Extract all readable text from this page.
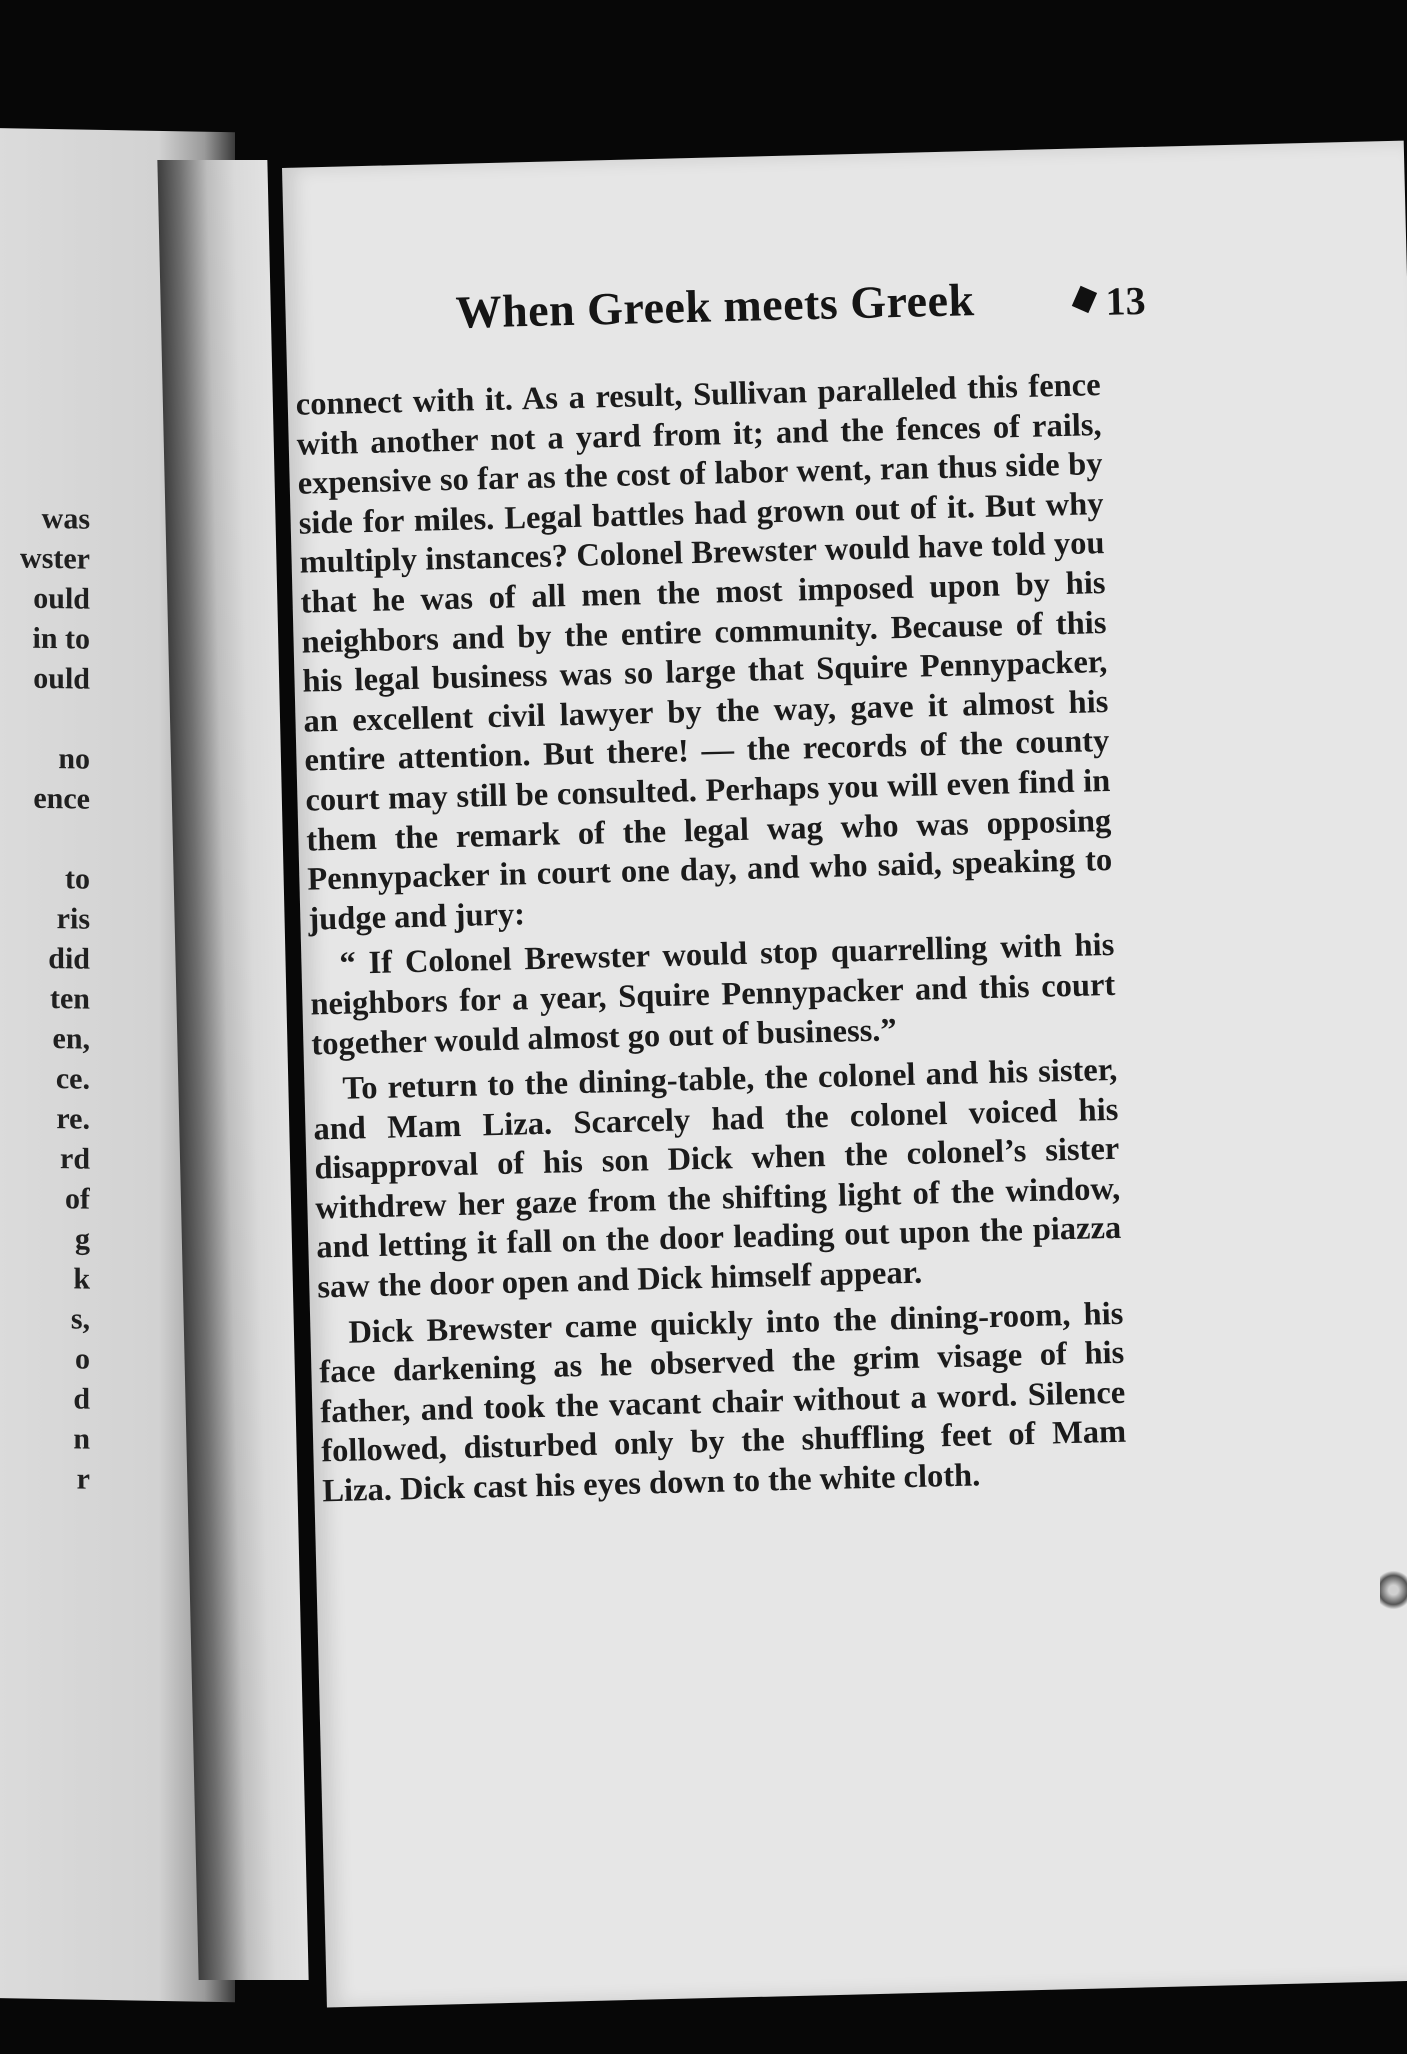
was
wster
ould
in to
ould
no
ence
to
ris
did
ten
en,
ce.
re.
rd
of
g
k
s,
o
d
n
r
When Greek meets Greek	13

connect with it. As a result, Sullivan paralleled this fence with another not a yard from it; and the fences of rails, expensive so far as the cost of labor went, ran thus side by side for miles. Legal battles had grown out of it. But why multiply instances? Colonel Brewster would have told you that he was of all men the most imposed upon by his neighbors and by the entire community. Because of this his legal business was so large that Squire Pennypacker, an excellent civil lawyer by the way, gave it almost his entire attention. But there! — the records of the county court may still be consulted. Perhaps you will even find in them the remark of the legal wag who was opposing Pennypacker in court one day, and who said, speaking to judge and jury:

“ If Colonel Brewster would stop quarrelling with his neighbors for a year, Squire Pennypacker and this court together would almost go out of business.”

To return to the dining-table, the colonel and his sister, and Mam Liza. Scarcely had the colonel voiced his disapproval of his son Dick when the colonel’s sister withdrew her gaze from the shifting light of the window, and letting it fall on the door leading out upon the piazza saw the door open and Dick himself appear.

Dick Brewster came quickly into the dining-room, his face darkening as he observed the grim visage of his father, and took the vacant chair without a word. Silence followed, disturbed only by the shuffling feet of Mam Liza. Dick cast his eyes down to the white cloth.
